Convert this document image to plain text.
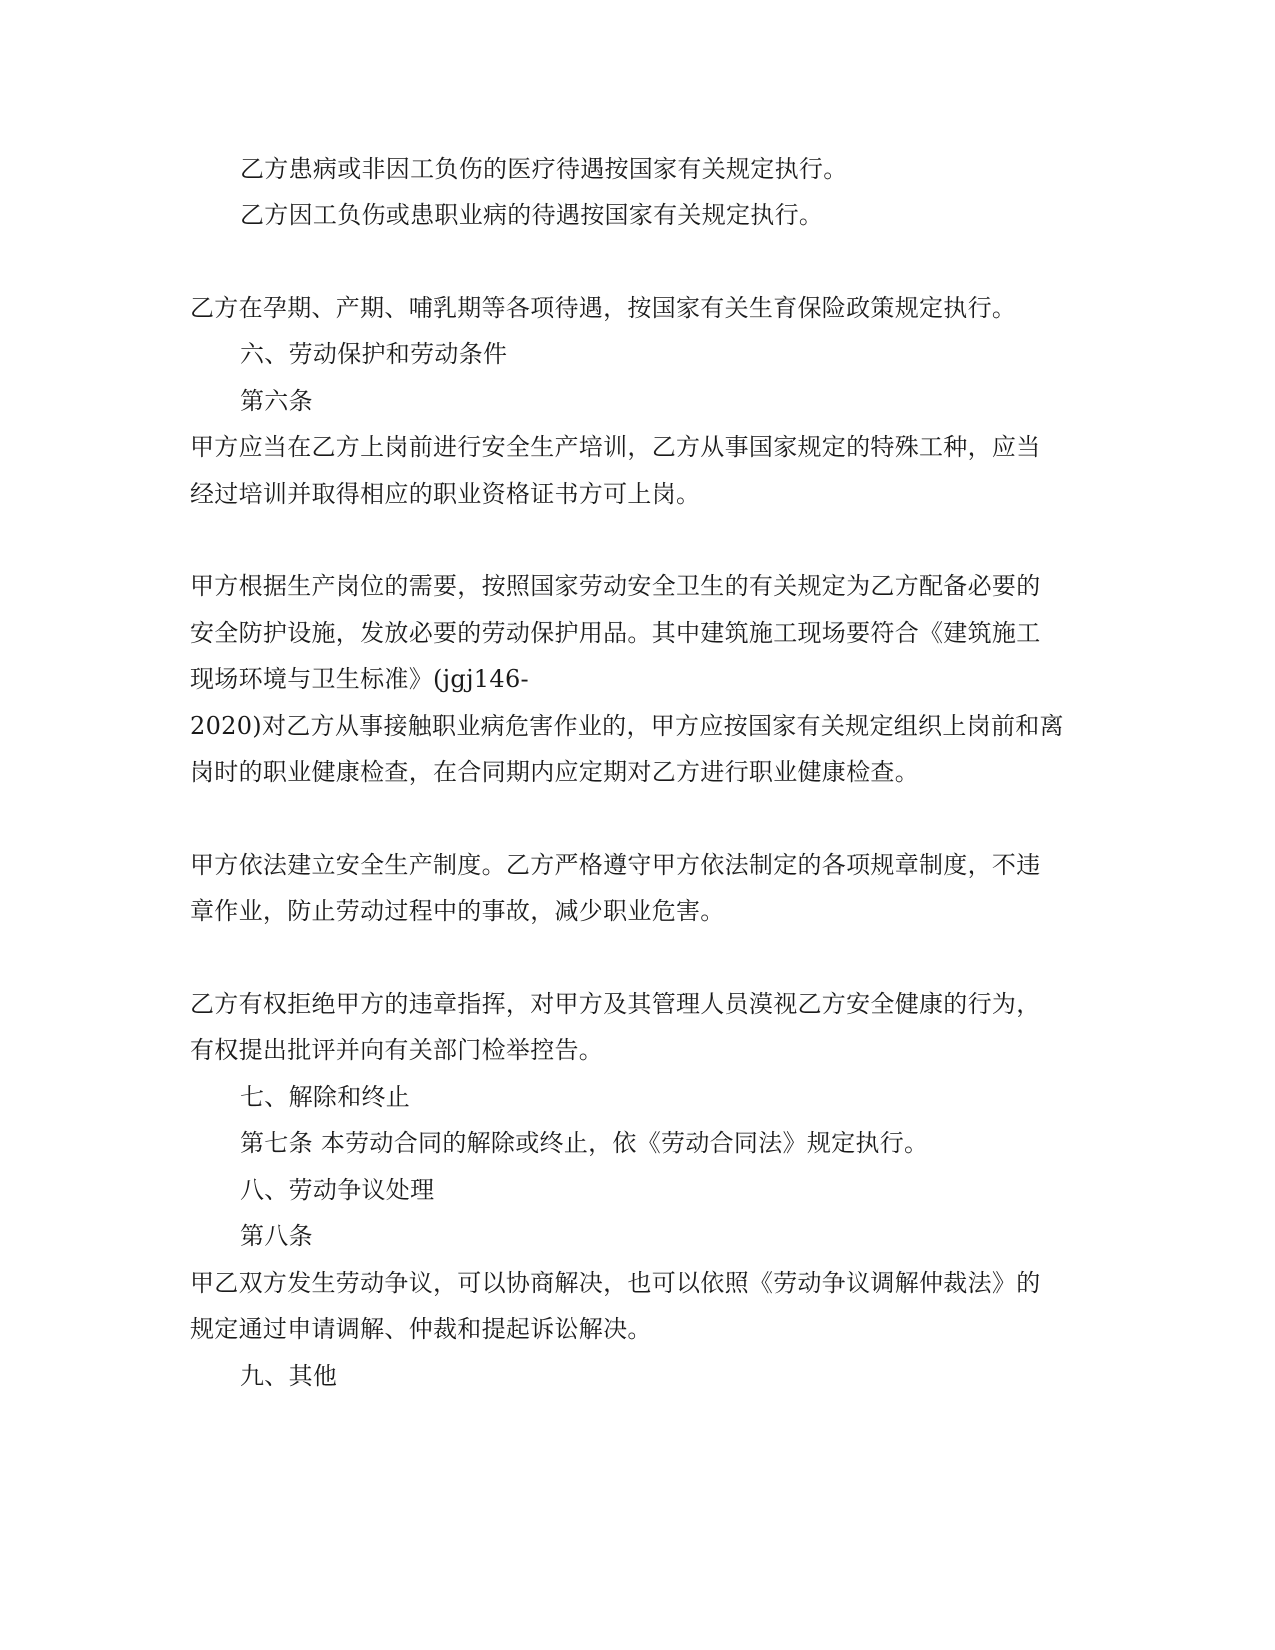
乙方患病或非因工负伤的医疗待遇按国家有关规定执行。
乙方因工负伤或患职业病的待遇按国家有关规定执行。
乙方在孕期、产期、哺乳期等各项待遇，按国家有关生育保险政策规定执行。
六、劳动保护和劳动条件
第六条
甲方应当在乙方上岗前进行安全生产培训，乙方从事国家规定的特殊工种，应当
经过培训并取得相应的职业资格证书方可上岗。
甲方根据生产岗位的需要，按照国家劳动安全卫生的有关规定为乙方配备必要的
安全防护设施，发放必要的劳动保护用品。其中建筑施工现场要符合《建筑施工
现场环境与卫生标准》(jgj146-
2020)对乙方从事接触职业病危害作业的，甲方应按国家有关规定组织上岗前和离
岗时的职业健康检查，在合同期内应定期对乙方进行职业健康检查。
甲方依法建立安全生产制度。乙方严格遵守甲方依法制定的各项规章制度，不违
章作业，防止劳动过程中的事故，减少职业危害。
乙方有权拒绝甲方的违章指挥，对甲方及其管理人员漠视乙方安全健康的行为，
有权提出批评并向有关部门检举控告。
七、解除和终止
第七条 本劳动合同的解除或终止，依《劳动合同法》规定执行。
八、劳动争议处理
第八条
甲乙双方发生劳动争议，可以协商解决，也可以依照《劳动争议调解仲裁法》的
规定通过申请调解、仲裁和提起诉讼解决。
九、其他
